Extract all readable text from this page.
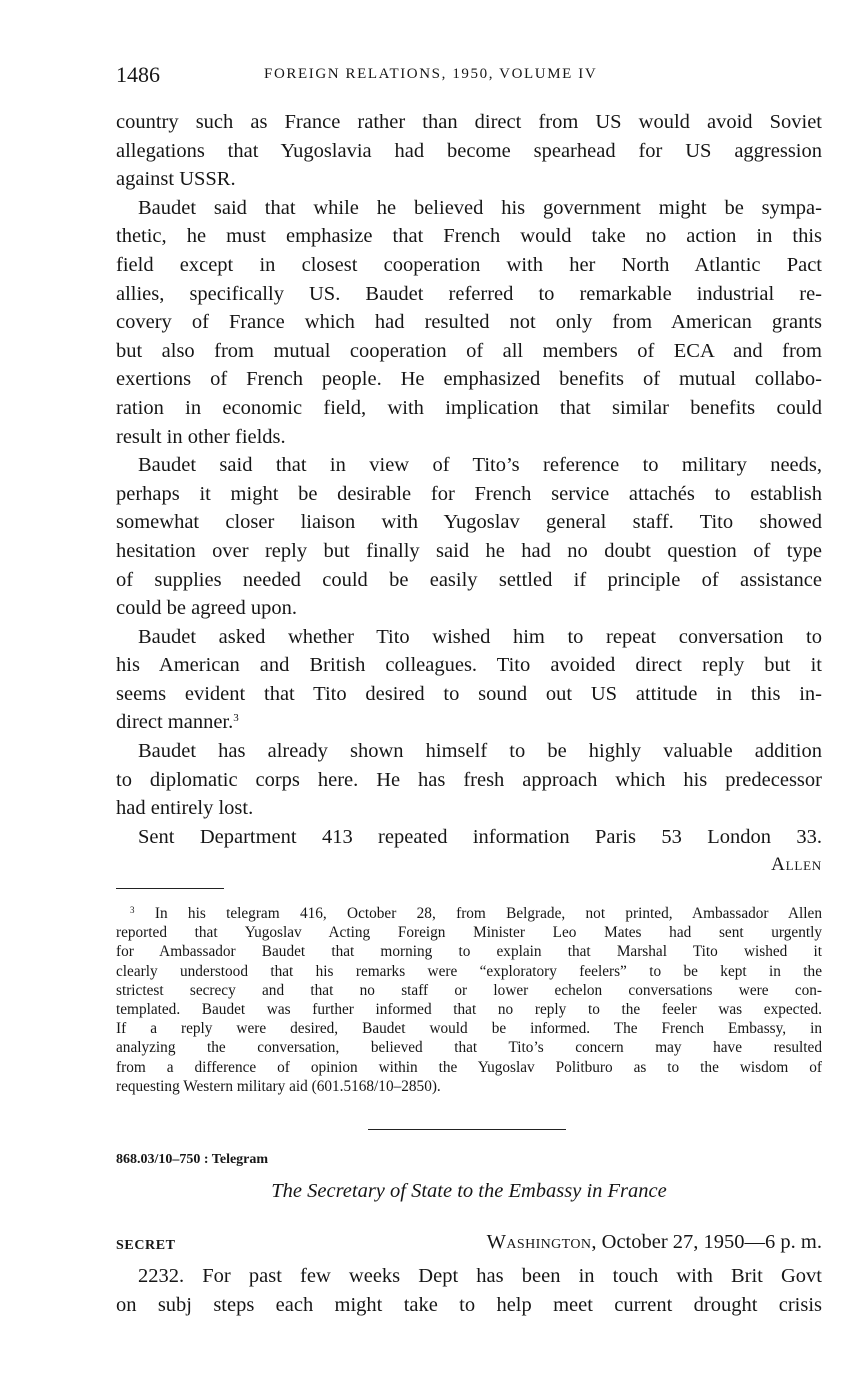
1486	FOREIGN RELATIONS, 1950, VOLUME IV
country such as France rather than direct from US would avoid Soviet
allegations that Yugoslavia had become spearhead for US aggression
against USSR.
Baudet said that while he believed his government might be sympa-
thetic, he must emphasize that French would take no action in this
field except in closest cooperation with her North Atlantic Pact
allies, specifically US. Baudet referred to remarkable industrial re-
covery of France which had resulted not only from American grants
but also from mutual cooperation of all members of ECA and from
exertions of French people. He emphasized benefits of mutual collabo-
ration in economic field, with implication that similar benefits could
result in other fields.
Baudet said that in view of Tito’s reference to military needs,
perhaps it might be desirable for French service attachés to establish
somewhat closer liaison with Yugoslav general staff. Tito showed
hesitation over reply but finally said he had no doubt question of type
of supplies needed could be easily settled if principle of assistance
could be agreed upon.
Baudet asked whether Tito wished him to repeat conversation to
his American and British colleagues. Tito avoided direct reply but it
seems evident that Tito desired to sound out US attitude in this in-
direct manner.$^3$
Baudet has already shown himself to be highly valuable addition
to diplomatic corps here. He has fresh approach which his predecessor
had entirely lost.
Sent Department 413 repeated information Paris 53 London 33.
Allen
$^3$ In his telegram 416, October 28, from Belgrade, not printed, Ambassador Allen
reported that Yugoslav Acting Foreign Minister Leo Mates had sent urgently
for Ambassador Baudet that morning to explain that Marshal Tito wished it
clearly understood that his remarks were “exploratory feelers” to be kept in the
strictest secrecy and that no staff or lower echelon conversations were con-
templated. Baudet was further informed that no reply to the feeler was expected.
If a reply were desired, Baudet would be informed. The French Embassy, in
analyzing the conversation, believed that Tito’s concern may have resulted
from a difference of opinion within the Yugoslav Politburo as to the wisdom of
requesting Western military aid (601.5168/10–2850).
868.03/10–750 : Telegram
The Secretary of State to the Embassy in France
SECRET	Washington, October 27, 1950—6 p. m.
2232. For past few weeks Dept has been in touch with Brit Govt
on subj steps each might take to help meet current drought crisis
